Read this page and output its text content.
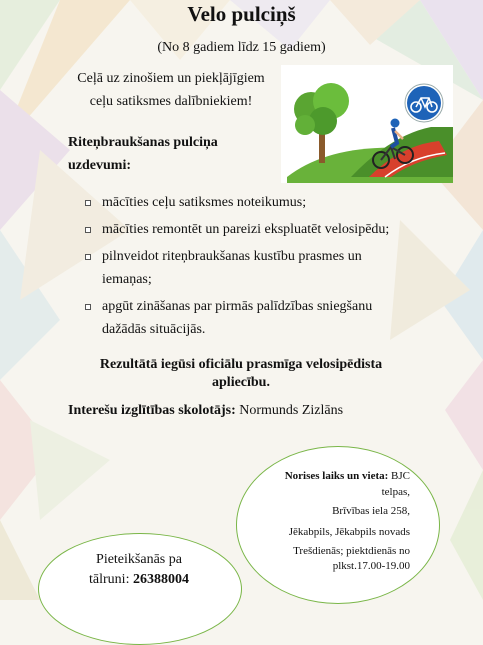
Velo pulciņš
(No 8 gadiem līdz 15 gadiem)
Ceļā uz zinošiem un piekļājīgiem
ceļu satiksmes dalībniekiem!
Riteņbraukšanas pulciņa
uzdevumi:
mācīties ceļu satiksmes noteikumus;
mācīties remontēt un pareizi ekspluatēt velosipēdu;
pilnveidot riteņbraukšanas kustību prasmes un
iemaņas;
apgūt zināšanas par pirmās palīdzības sniegšanu
dažādās situācijās.
Rezultātā iegūsi oficiālu prasmīga velosipēdista
apliecību.
Interešu izglītības skolotājs: Normunds Zizlāns
Norises laiks un vieta: BJC
telpas,
Brīvības iela 258,
Jēkabpils, Jēkabpils novads
Trešdienās; piektdienās no
plkst.17.00-19.00
Pieteikšanās pa
tālruni: 26388004
